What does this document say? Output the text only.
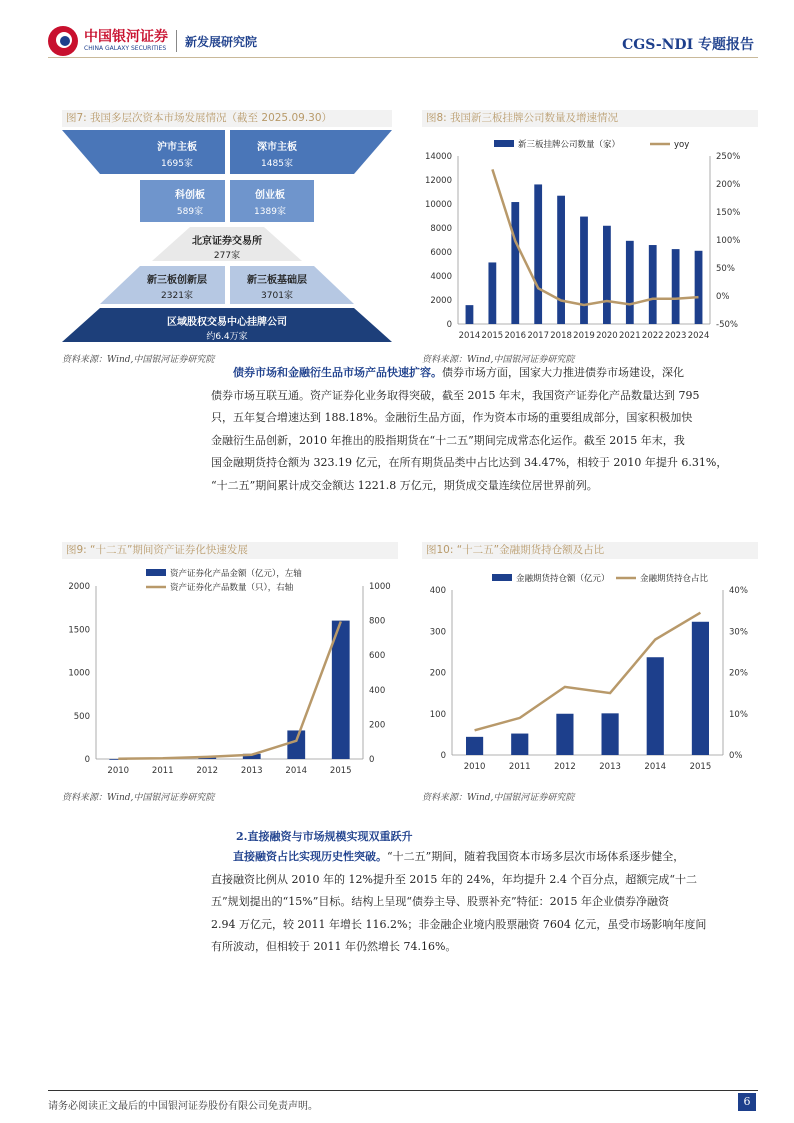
中国银河证券
CHINA GALAXY SECURITIES 新发展研究院	CGS-NDI 专题报告
图7: 我国多层次资本市场发展情况（截至 2025.09.30）
沪市主板
1695家
深市主板
1485家
科创板
589家
创业板
1389家
北京证券交易所
277家
新三板创新层
2321家
新三板基础层
3701家
区域股权交易中心挂牌公司
约6.4万家
资料来源：Wind,中国银河证券研究院
图8: 我国新三板挂牌公司数量及增速情况
0
2000
4000
6000
8000
10000
12000
14000
-50%
0%
50%
100%
150%
200%
250%
2014 2015 2016 2017 2018 2019 2020 2021 2022 2023 2024
新三板挂牌公司数量（家）	yoy
资料来源：Wind,中国银河证券研究院
债券市场和金融衍生品市场产品快速扩容。债券市场方面，国家大力推进债券市场建设，深化
债券市场互联互通。资产证券化业务取得突破，截至 2015 年末，我国资产证券化产品数量达到 795
只，五年复合增速达到 188.18%。金融衍生品方面，作为资本市场的重要组成部分，国家积极加快
金融衍生品创新，2010 年推出的股指期货在“十二五”期间完成常态化运作。截至 2015 年末，我
国金融期货持仓额为 323.19 亿元，在所有期货品类中占比达到 34.47%，相较于 2010 年提升 6.31%，
“十二五”期间累计成交金额达 1221.8 万亿元，期货成交量连续位居世界前列。
图9: “十二五”期间资产证券化快速发展
0
500
1000
1500
2000
0
200
400
600
800
1000
2010	2011	2012	2013	2014	2015
资产证券化产品金额（亿元），左轴
资产证券化产品数量（只），右轴
资料来源：Wind,中国银河证券研究院
图10: “十二五”金融期货持仓额及占比
0
100
200
300
400
0%
10%
20%
30%
40%
2010	2011	2012	2013	2014	2015
金融期货持仓额（亿元）	金融期货持仓占比
资料来源：Wind,中国银河证券研究院
2.直接融资与市场规模实现双重跃升
直接融资占比实现历史性突破。“十二五”期间，随着我国资本市场多层次市场体系逐步健全，
直接融资比例从 2010 年的 12%提升至 2015 年的 24%，年均提升 2.4 个百分点，超额完成“十二
五”规划提出的“15%”目标。结构上呈现“债券主导、股票补充”特征：2015 年企业债券净融资
2.94 万亿元，较 2011 年增长 116.2%；非金融企业境内股票融资 7604 亿元，虽受市场影响年度间
有所波动，但相较于 2011 年仍然增长 74.16%。
请务必阅读正文最后的中国银河证券股份有限公司免责声明。	6
